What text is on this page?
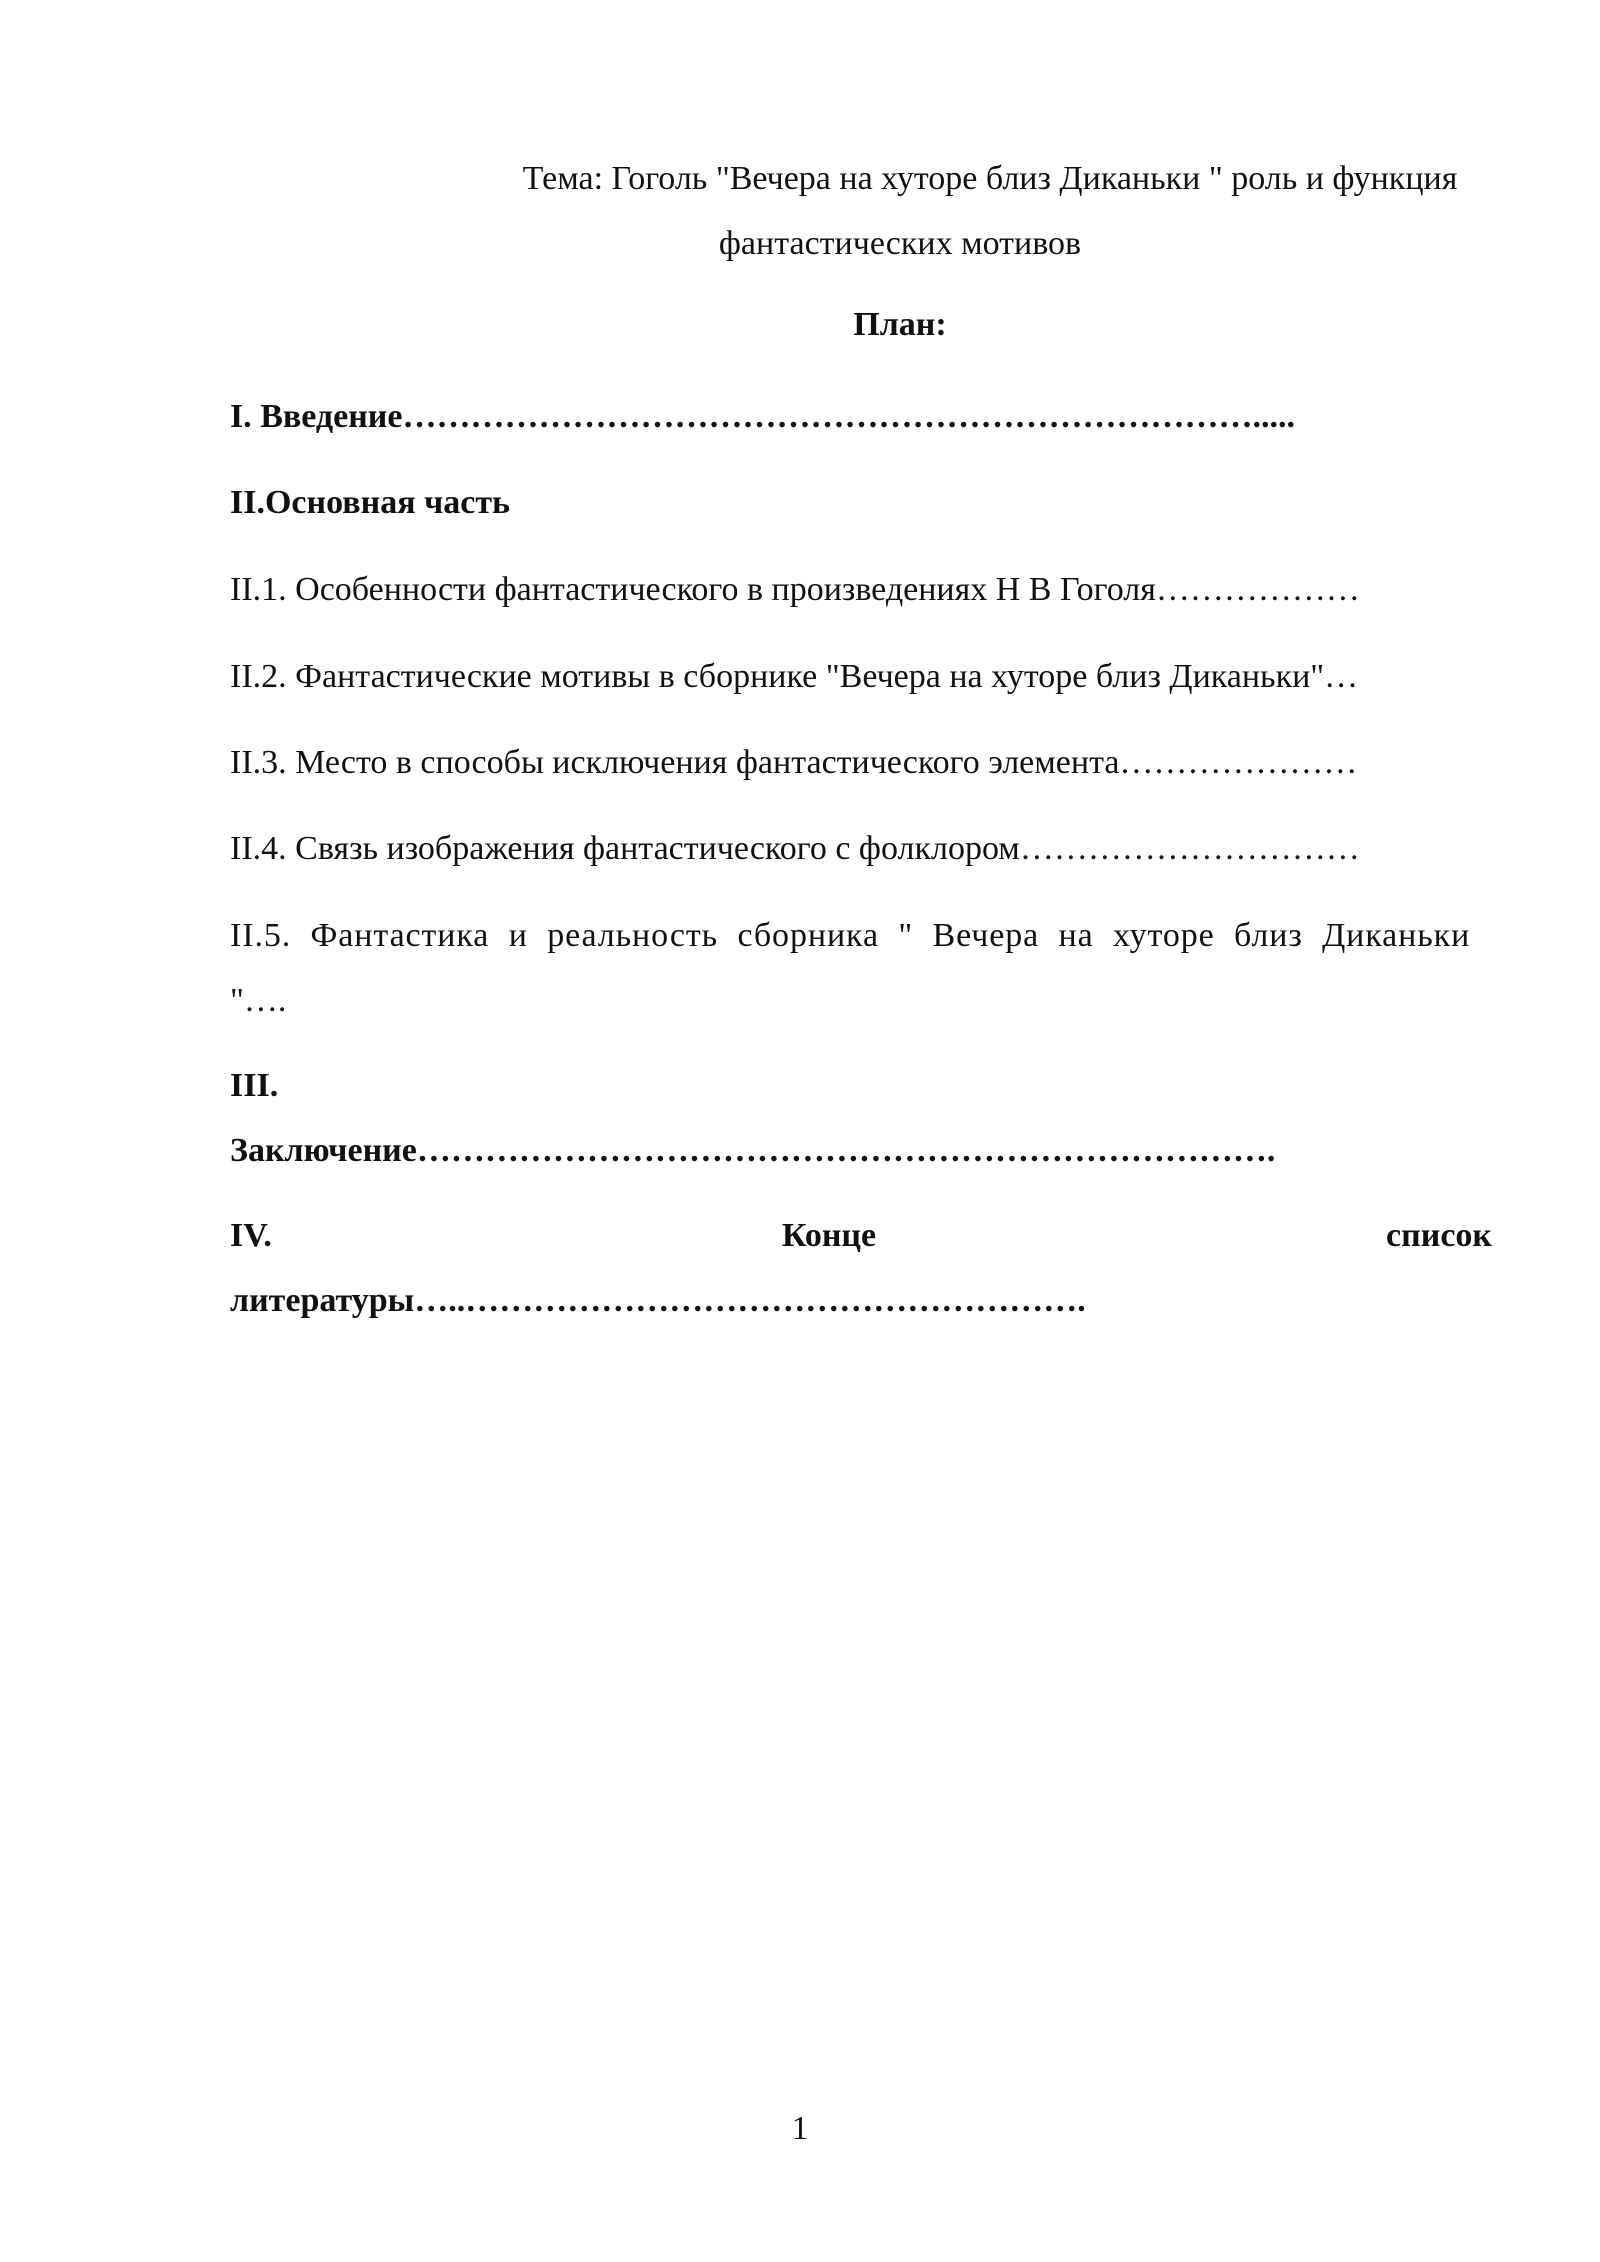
Тема: Гоголь "Вечера на хуторе близ Диканьки " роль и функция
фантастических мотивов

План:

I. Введение………………………………………………………………….....

II.Основная часть

II.1. Особенности фантастического в произведениях Н В Гоголя………………

II.2. Фантастические мотивы в сборнике "Вечера на хуторе близ Диканьки"…

II.3. Место в способы исключения фантастического элемента…………………

II.4. Связь изображения фантастического с фолклором…………………………

II.5. Фантастика и реальность сборника " Вечера на хуторе близ Диканьки
"….
III.
Заключение………………………………………………………………….
IV.	Конце	список
литературы…..……………………………………………….

1
